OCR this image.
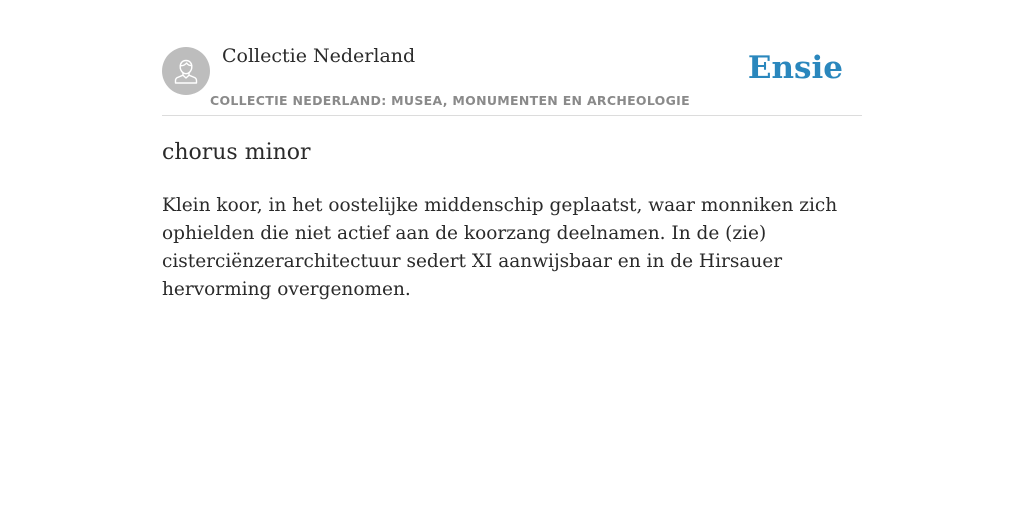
Collectie Nederland
COLLECTIE NEDERLAND: MUSEA, MONUMENTEN EN ARCHEOLOGIE
Ensie
chorus minor

Klein koor, in het oostelijke middenschip geplaatst, waar monniken zich ophielden die niet actief aan de koorzang deelnamen. In de (zie) cisterciënzerarchitectuur sedert XI aanwijsbaar en in de Hirsauer hervorming overgenomen.
